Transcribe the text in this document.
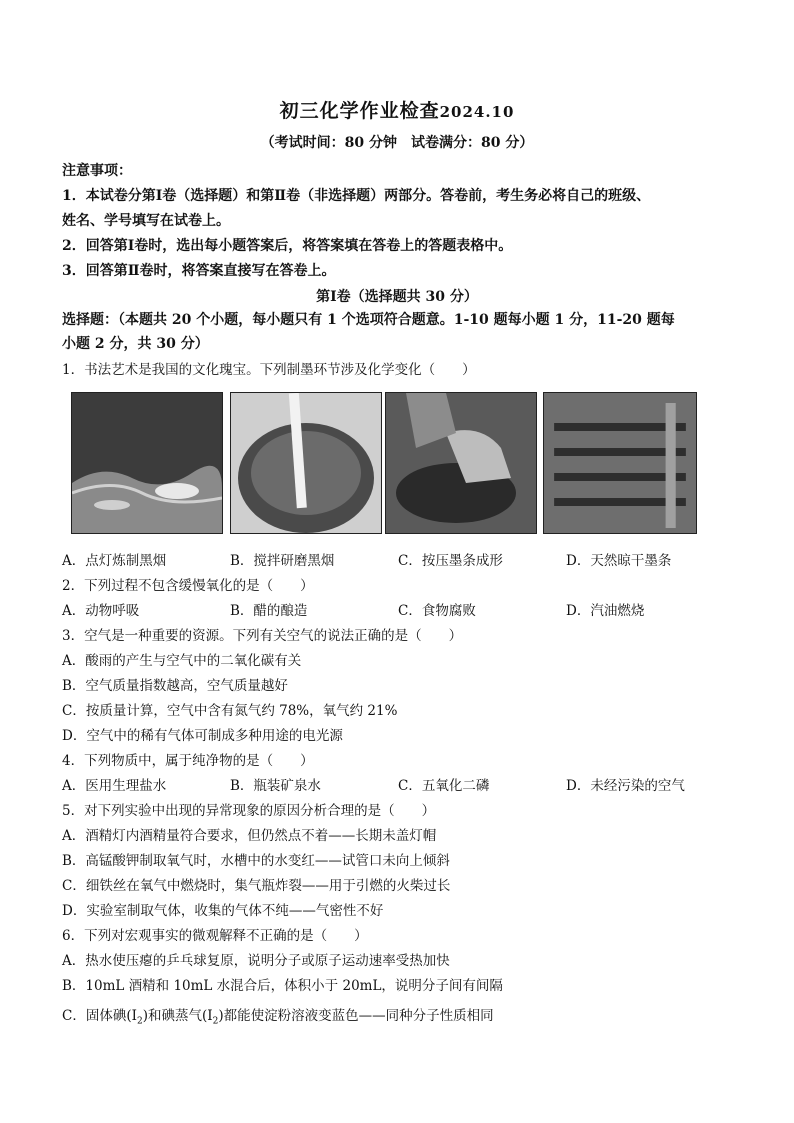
初三化学作业检查2024.10
（考试时间：80 分钟　试卷满分：80 分）
注意事项：
1．本试卷分第Ⅰ卷（选择题）和第Ⅱ卷（非选择题）两部分。答卷前，考生务必将自己的班级、
姓名、学号填写在试卷上。
2．回答第Ⅰ卷时，选出每小题答案后，将答案填在答卷上的答题表格中。
3．回答第Ⅱ卷时，将答案直接写在答卷上。
第Ⅰ卷（选择题共 30 分）
选择题：（本题共 20 个小题，每小题只有 1 个选项符合题意。1-10 题每小题 1 分，11-20 题每
小题 2 分，共 30 分）
1．书法艺术是我国的文化瑰宝。下列制墨环节涉及化学变化（　　）
A．点灯炼制黑烟	B．搅拌研磨黑烟	C．按压墨条成形	D．天然晾干墨条
2．下列过程不包含缓慢氧化的是（　　）
A．动物呼吸	B．醋的酿造	C．食物腐败	D．汽油燃烧
3．空气是一种重要的资源。下列有关空气的说法正确的是（　　）
A．酸雨的产生与空气中的二氧化碳有关
B．空气质量指数越高，空气质量越好
C．按质量计算，空气中含有氮气约 78%，氧气约 21%
D．空气中的稀有气体可制成多种用途的电光源
4．下列物质中，属于纯净物的是（　　）
A．医用生理盐水	B．瓶装矿泉水	C．五氧化二磷	D．未经污染的空气
5．对下列实验中出现的异常现象的原因分析合理的是（　　）
A．酒精灯内酒精量符合要求，但仍然点不着——长期未盖灯帽
B．高锰酸钾制取氧气时，水槽中的水变红——试管口未向上倾斜
C．细铁丝在氧气中燃烧时，集气瓶炸裂——用于引燃的火柴过长
D．实验室制取气体，收集的气体不纯——气密性不好
6．下列对宏观事实的微观解释不正确的是（　　）
A．热水使压瘪的乒乓球复原，说明分子或原子运动速率受热加快
B．10mL 酒精和 10mL 水混合后，体积小于 20mL，说明分子间有间隔
C．固体碘$(I_2)$和碘蒸气$(I_2)$都能使淀粉溶液变蓝色——同种分子性质相同
